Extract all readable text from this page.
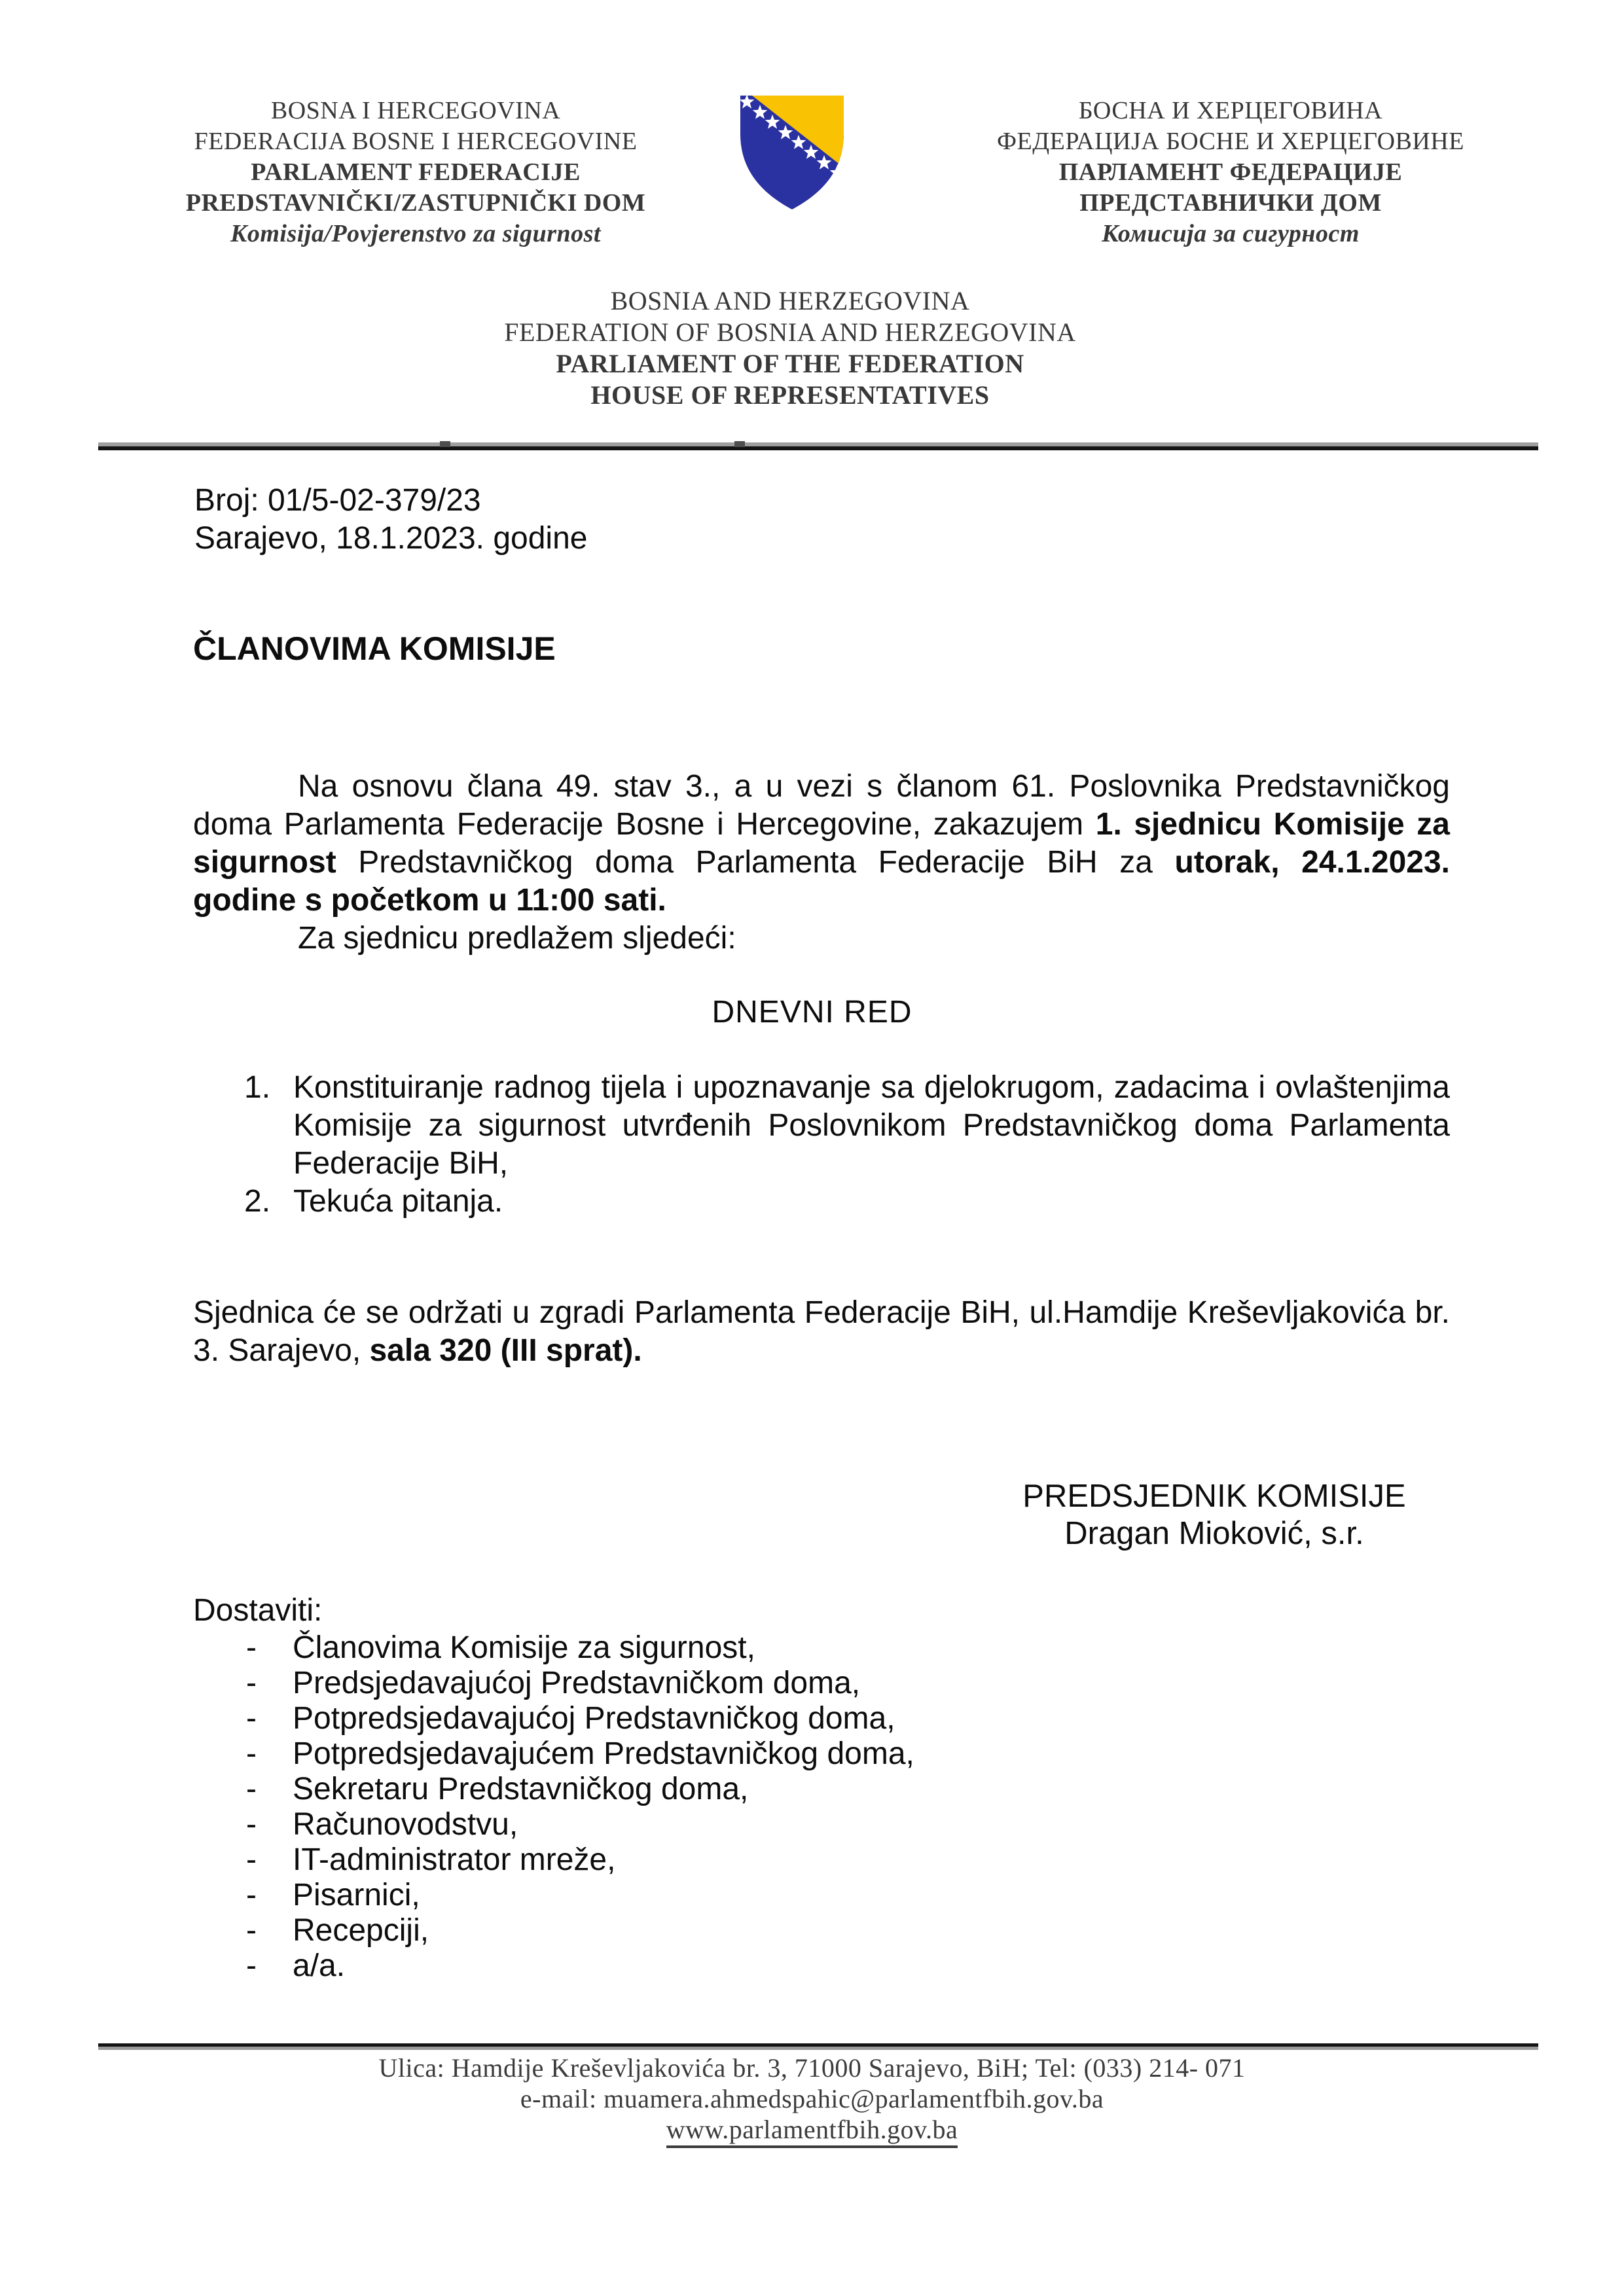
BOSNA I HERCEGOVINA
FEDERACIJA BOSNE I HERCEGOVINE
PARLAMENT FEDERACIJE
PREDSTAVNIČKI/ZASTUPNIČKI DOM
Komisija/Povjerenstvo za sigurnost
БОСНА И ХЕРЦЕГОВИНА
ФЕДЕРАЦИЈА БОСНЕ И ХЕРЦЕГОВИНЕ
ПАРЛАМЕНТ ФЕДЕРАЦИЈЕ
ПРЕДСТАВНИЧКИ ДОМ
Комисија за сигурност
BOSNIA AND HERZEGOVINA
FEDERATION OF BOSNIA AND HERZEGOVINA
PARLIAMENT OF THE FEDERATION
HOUSE OF REPRESENTATIVES
Broj: 01/5-02-379/23
Sarajevo, 18.1.2023. godine
ČLANOVIMA KOMISIJE
Na osnovu člana 49. stav 3., a u vezi s članom 61. Poslovnika Predstavničkog doma Parlamenta Federacije Bosne i Hercegovine, zakazujem 1. sjednicu Komisije za sigurnost Predstavničkog doma Parlamenta Federacije BiH za utorak, 24.1.2023. godine s početkom u 11:00 sati.
Za sjednicu predlažem sljedeći:
DNEVNI RED
1. Konstituiranje radnog tijela i upoznavanje sa djelokrugom, zadacima i ovlaštenjima Komisije za sigurnost utvrđenih Poslovnikom Predstavničkog doma Parlamenta Federacije BiH,
2. Tekuća pitanja.
Sjednica će se održati u zgradi Parlamenta Federacije BiH, ul.Hamdije Kreševljakovića br. 3. Sarajevo, sala 320 (III sprat).
PREDSJEDNIK KOMISIJE
Dragan Mioković, s.r.
Dostaviti:
- Članovima Komisije za sigurnost,
- Predsjedavajućoj Predstavničkom doma,
- Potpredsjedavajućoj Predstavničkog doma,
- Potpredsjedavajućem Predstavničkog doma,
- Sekretaru Predstavničkog doma,
- Računovodstvu,
- IT-administrator mreže,
- Pisarnici,
- Recepciji,
- a/a.
Ulica: Hamdije Kreševljakovića br. 3, 71000 Sarajevo, BiH; Tel: (033) 214- 071
e-mail: muamera.ahmedspahic@parlamentfbih.gov.ba
www.parlamentfbih.gov.ba
